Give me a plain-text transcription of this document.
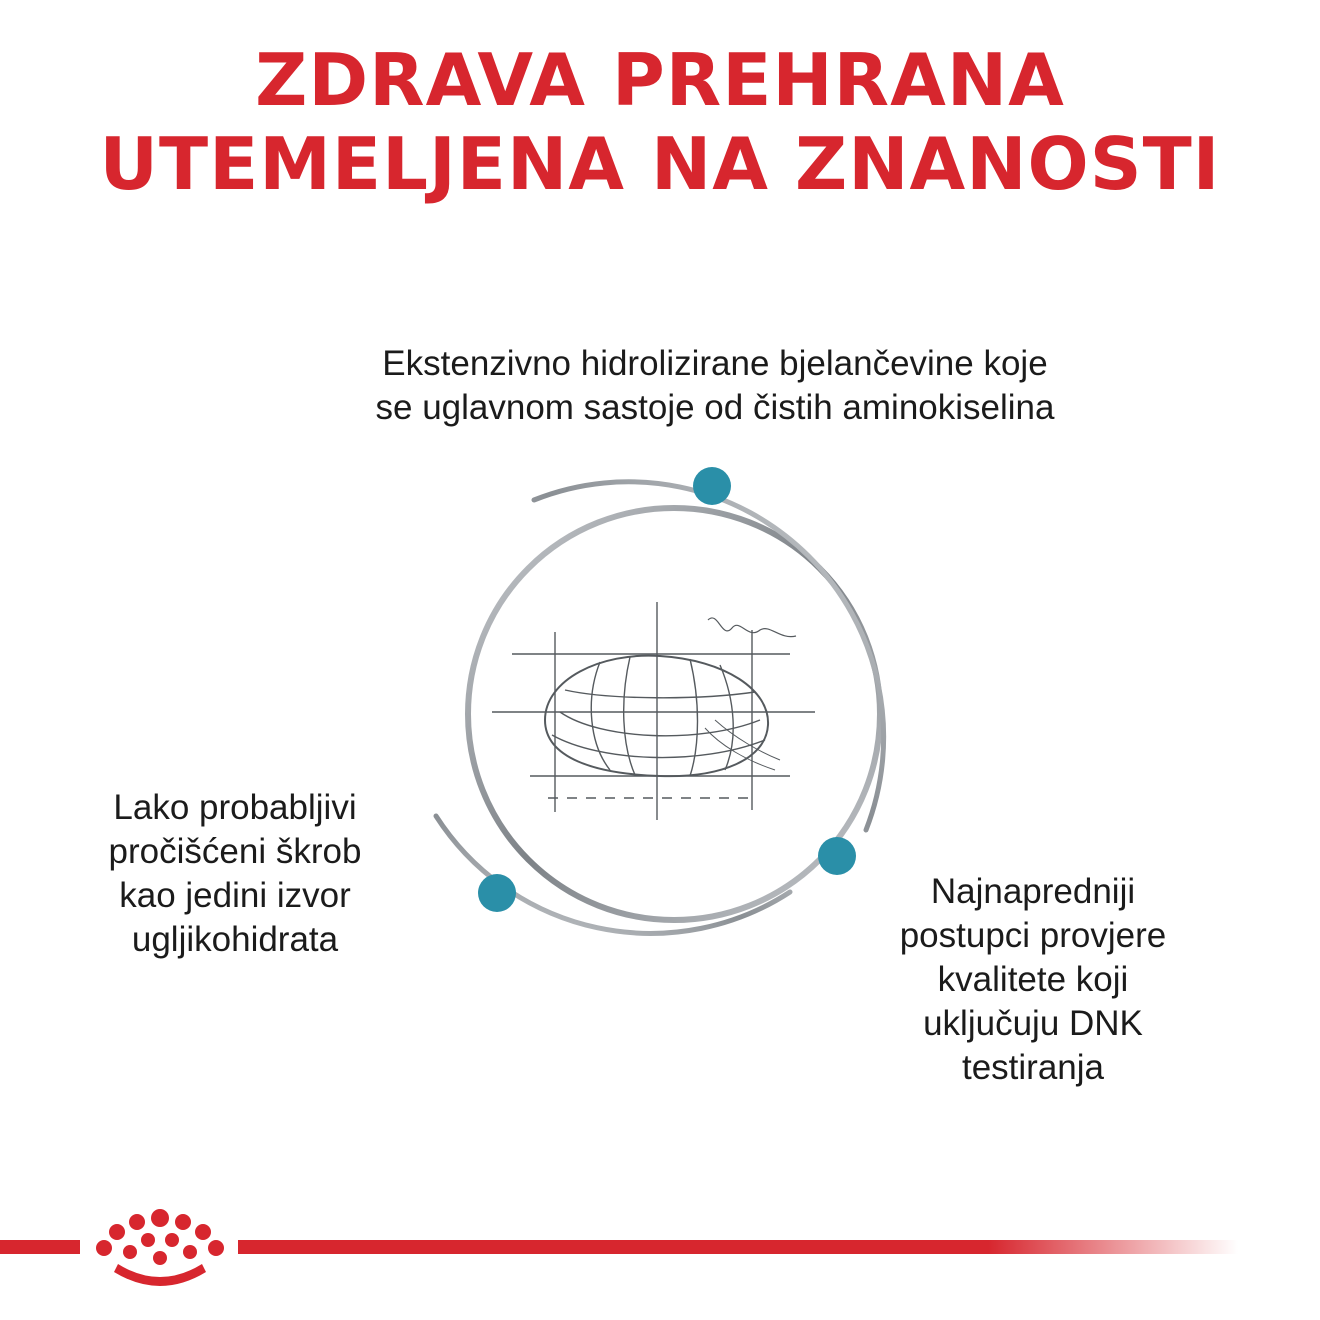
ZDRAVA PREHRANA
UTEMELJENA NA ZNANOSTI
Ekstenzivno hidrolizirane bjelančevine koje
se uglavnom sastoje od čistih aminokiselina
Lako probabljivi
pročišćeni škrob
kao jedini izvor
ugljikohidrata
Najnapredniji
postupci provjere
kvalitete koji
uključuju DNK
testiranja
